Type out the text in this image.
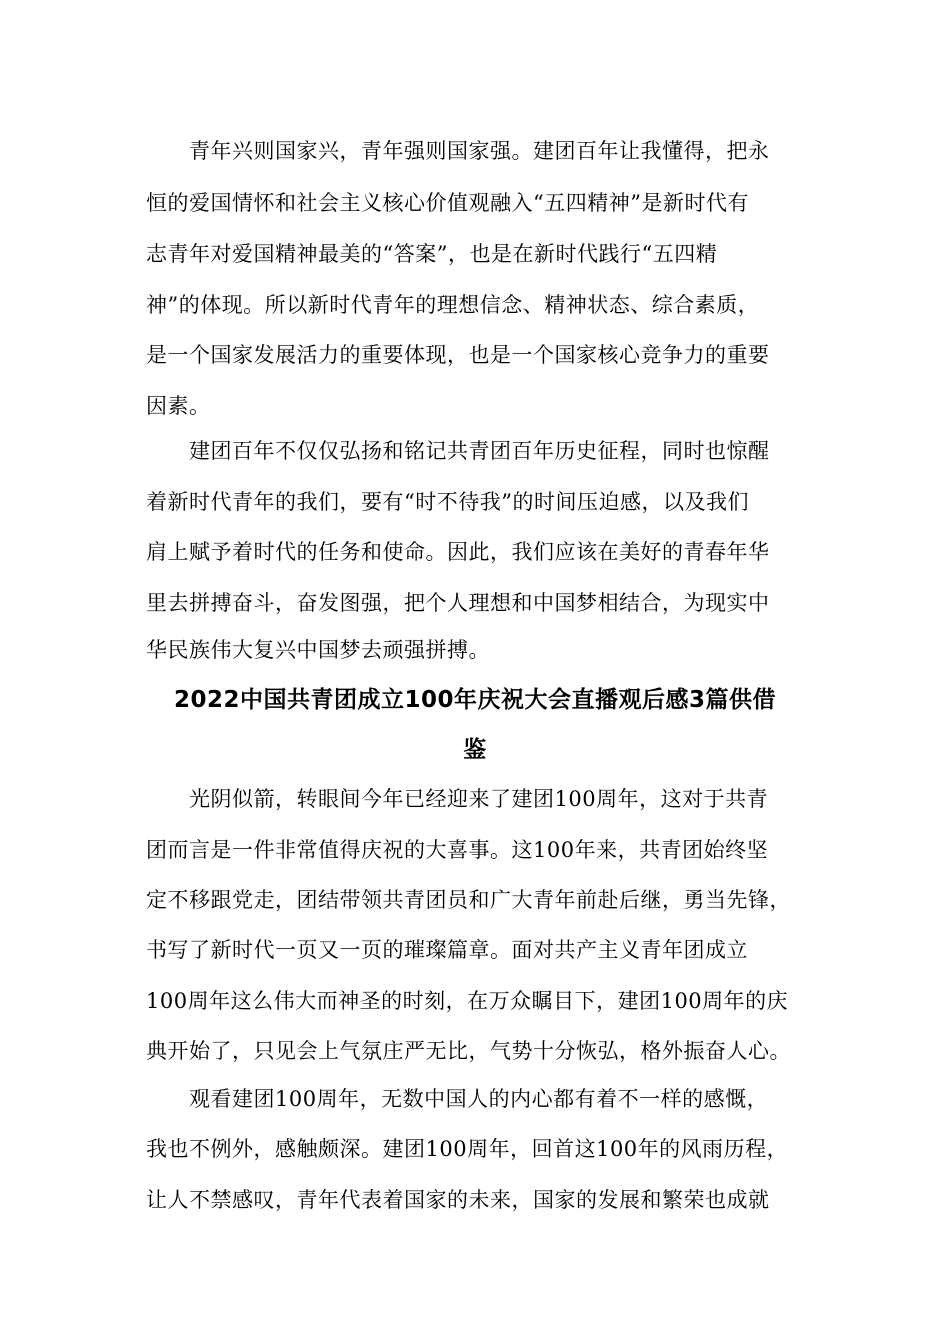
　　青年兴则国家兴，青年强则国家强。建团百年让我懂得，把永
恒的爱国情怀和社会主义核心价值观融入“五四精神”是新时代有
志青年对爱国精神最美的“答案”，也是在新时代践行“五四精
神”的体现。所以新时代青年的理想信念、精神状态、综合素质，
是一个国家发展活力的重要体现，也是一个国家核心竞争力的重要
因素。
　　建团百年不仅仅弘扬和铭记共青团百年历史征程，同时也惊醒
着新时代青年的我们，要有“时不待我”的时间压迫感，以及我们
肩上赋予着时代的任务和使命。因此，我们应该在美好的青春年华
里去拼搏奋斗，奋发图强，把个人理想和中国梦相结合，为现实中
华民族伟大复兴中国梦去顽强拼搏。
2022中国共青团成立100年庆祝大会直播观后感3篇供借
鉴
　　光阴似箭，转眼间今年已经迎来了建团100周年，这对于共青
团而言是一件非常值得庆祝的大喜事。这100年来，共青团始终坚
定不移跟党走，团结带领共青团员和广大青年前赴后继，勇当先锋，
书写了新时代一页又一页的璀璨篇章。面对共产主义青年团成立
100周年这么伟大而神圣的时刻，在万众瞩目下，建团100周年的庆
典开始了，只见会上气氛庄严无比，气势十分恢弘，格外振奋人心。
　　观看建团100周年，无数中国人的内心都有着不一样的感慨，
我也不例外，感触颇深。建团100周年，回首这100年的风雨历程，
让人不禁感叹，青年代表着国家的未来，国家的发展和繁荣也成就
